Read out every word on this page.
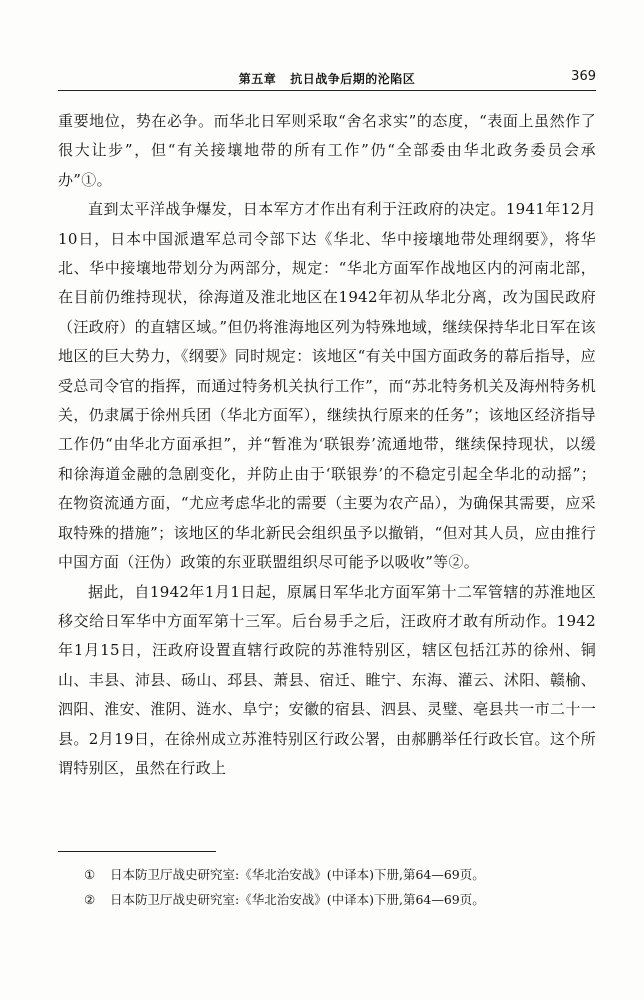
第五章 抗日战争后期的沦陷区	369

重要地位，势在必争。而华北日军则采取“舍名求实”的态度，“表面上虽然作了很大让步”，但“有关接壤地带的所有工作”仍“全部委由华北政务委员会承办”①。

直到太平洋战争爆发，日本军方才作出有利于汪政府的决定。1941年12月10日，日本中国派遣军总司令部下达《华北、华中接壤地带处理纲要》，将华北、华中接壤地带划分为两部分，规定：“华北方面军作战地区内的河南北部，在目前仍维持现状，徐海道及淮北地区在1942年初从华北分离，改为国民政府（汪政府）的直辖区域。”但仍将淮海地区列为特殊地域，继续保持华北日军在该地区的巨大势力，《纲要》同时规定：该地区“有关中国方面政务的幕后指导，应受总司令官的指挥，而通过特务机关执行工作”，而“苏北特务机关及海州特务机关，仍隶属于徐州兵团（华北方面军），继续执行原来的任务”；该地区经济指导工作仍“由华北方面承担”，并“暂准为‘联银券’流通地带，继续保持现状，以缓和徐海道金融的急剧变化，并防止由于‘联银券’的不稳定引起全华北的动摇”；在物资流通方面，“尤应考虑华北的需要（主要为农产品），为确保其需要，应采取特殊的措施”；该地区的华北新民会组织虽予以撤销，“但对其人员，应由推行中国方面（汪伪）政策的东亚联盟组织尽可能予以吸收”等②。

据此，自1942年1月1日起，原属日军华北方面军第十二军管辖的苏淮地区移交给日军华中方面军第十三军。后台易手之后，汪政府才敢有所动作。1942年1月15日，汪政府设置直辖行政院的苏淮特别区，辖区包括江苏的徐州、铜山、丰县、沛县、砀山、邳县、萧县、宿迁、睢宁、东海、灌云、沭阳、赣榆、泗阳、淮安、淮阴、涟水、阜宁；安徽的宿县、泗县、灵璧、亳县共一市二十一县。2月19日，在徐州成立苏淮特别区行政公署，由郝鹏举任行政长官。这个所谓特别区，虽然在行政上

① 日本防卫厅战史研究室:《华北治安战》(中译本)下册,第64—69页。
② 日本防卫厅战史研究室:《华北治安战》(中译本)下册,第64—69页。
